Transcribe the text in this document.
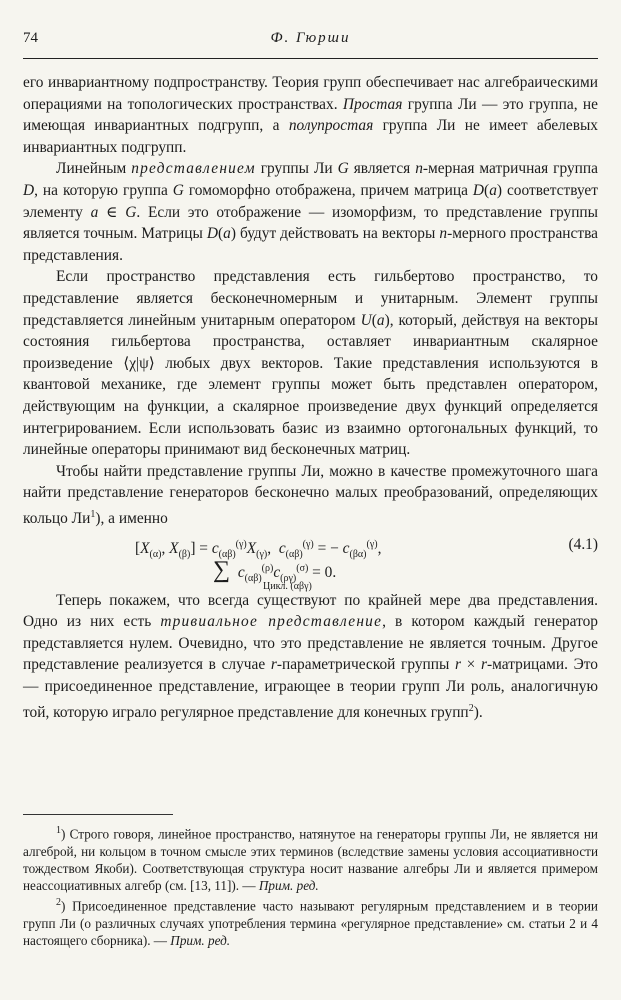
74	Ф. Гюрши

его инвариантному подпространству. Теория групп обеспечивает нас алгебраическими операциями на топологических пространствах. Простая группа Ли — это группа, не имеющая инвариантных подгрупп, а полупростая группа Ли не имеет абелевых инвариантных подгрупп.

Линейным представлением группы Ли G является n-мерная матричная группа D, на которую группа G гомоморфно отображена, причем матрица D(a) соответствует элементу a ∈ G. Если это отображение — изоморфизм, то представление группы является точным. Матрицы D(a) будут действовать на векторы n-мерного пространства представления.

Если пространство представления есть гильбертово пространство, то представление является бесконечномерным и унитарным. Элемент группы представляется линейным унитарным оператором U(a), который, действуя на векторы состояния гильбертова пространства, оставляет инвариантным скалярное произведение ⟨χ|ψ⟩ любых двух векторов. Такие представления используются в квантовой механике, где элемент группы может быть представлен оператором, действующим на функции, а скалярное произведение двух функций определяется интегрированием. Если использовать базис из взаимно ортогональных функций, то линейные операторы принимают вид бесконечных матриц.

Чтобы найти представление группы Ли, можно в качестве промежуточного шага найти представление генераторов бесконечно малых преобразований, определяющих кольцо $Ли^1$), а именно

[$X_{(\alpha)}$, $X_{(\beta)}] = c_{(\alpha\beta)}^{(\gamma)}X_{(\gamma)}$,  $c_{(\alpha\beta)}^{(\gamma)}$ = − $c_{(\beta\alpha)}^{(\gamma)}$,
∑ $c_{(\alpha\beta)}^{(\rho)}c_{(\rho\gamma)}^{(\sigma)} = 0$.
Цикл. (αβγ)
(4.1)

Теперь покажем, что всегда существуют по крайней мере два представления. Одно из них есть тривиальное представление, в котором каждый генератор представляется нулем. Очевидно, что это представление не является точным. Другое представление реализуется в случае r-параметрической группы r × r-матрицами. Это — присоединенное представление, играющее в теории групп Ли роль, аналогичную той, которую играло регулярное представление для конечных групп$^2$).

$^1$) Строго говоря, линейное пространство, натянутое на генераторы группы Ли, не является ни алгеброй, ни кольцом в точном смысле этих терминов (вследствие замены условия ассоциативности тождеством Якоби). Соответствующая структура носит название алгебры Ли и является примером неассоциативных алгебр (см. [13, 11]). — Прим. ред.

$^2$) Присоединенное представление часто называют регулярным представлением и в теории групп Ли (о различных случаях употребления термина «регулярное представление» см. статьи 2 и 4 настоящего сборника). — Прим. ред.
